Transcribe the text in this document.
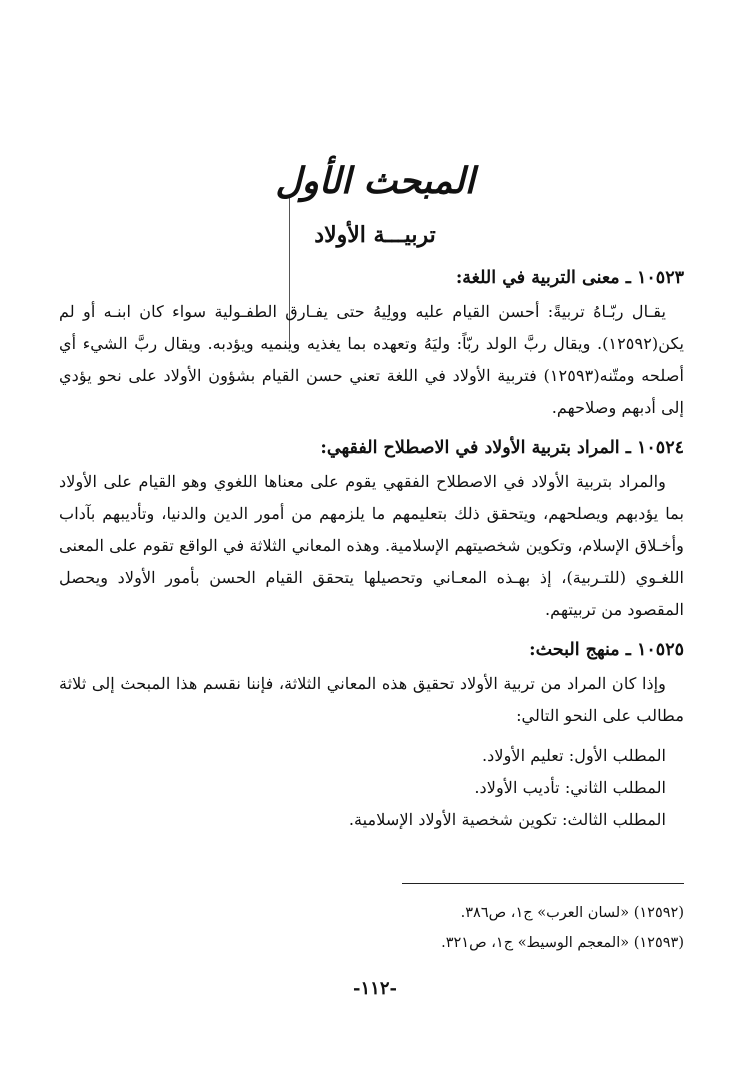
المبحث الأول
تربيـــة الأولاد

١٠٥٢٣ ـ معنى التربية في اللغة:

يقـال ربّـاهُ تربيةً: أحسن القيام عليه وولِيهُ حتى يفـارق الطفـولية سواء كان ابنـه أو لم يكن(١٢٥٩٢). ويقال ربَّ الولد ربّاً: وليَهُ وتعهده بما يغذيه وينميه ويؤدبه. ويقال ربَّ الشيء أي أصلحه ومتّنه(١٢٥٩٣) فتربية الأولاد في اللغة تعني حسن القيام بشؤون الأولاد على نحو يؤدي إلى أدبهم وصلاحهم.

١٠٥٢٤ ـ المراد بتربية الأولاد في الاصطلاح الفقهي:

والمراد بتربية الأولاد في الاصطلاح الفقهي يقوم على معناها اللغوي وهو القيام على الأولاد بما يؤدبهم ويصلحهم، ويتحقق ذلك بتعليمهم ما يلزمهم من أمور الدين والدنيا، وتأديبهم بآداب وأخـلاق الإسلام، وتكوين شخصيتهم الإسلامية. وهذه المعاني الثلاثة في الواقع تقوم على المعنى اللغـوي (للتـربية)، إذ بهـذه المعـاني وتحصيلها يتحقق القيام الحسن بأمور الأولاد ويحصل المقصود من تربيتهم.

١٠٥٢٥ ـ منهج البحث:

وإذا كان المراد من تربية الأولاد تحقيق هذه المعاني الثلاثة، فإننا نقسم هذا المبحث إلى ثلاثة مطالب على النحو التالي:

المطلب الأول: تعليم الأولاد.

المطلب الثاني: تأديب الأولاد.

المطلب الثالث: تكوين شخصية الأولاد الإسلامية.

(١٢٥٩٢) «لسان العرب» ج١، ص٣٨٦.

(١٢٥٩٣) «المعجم الوسيط» ج١، ص٣٢١.

-١١٢-
